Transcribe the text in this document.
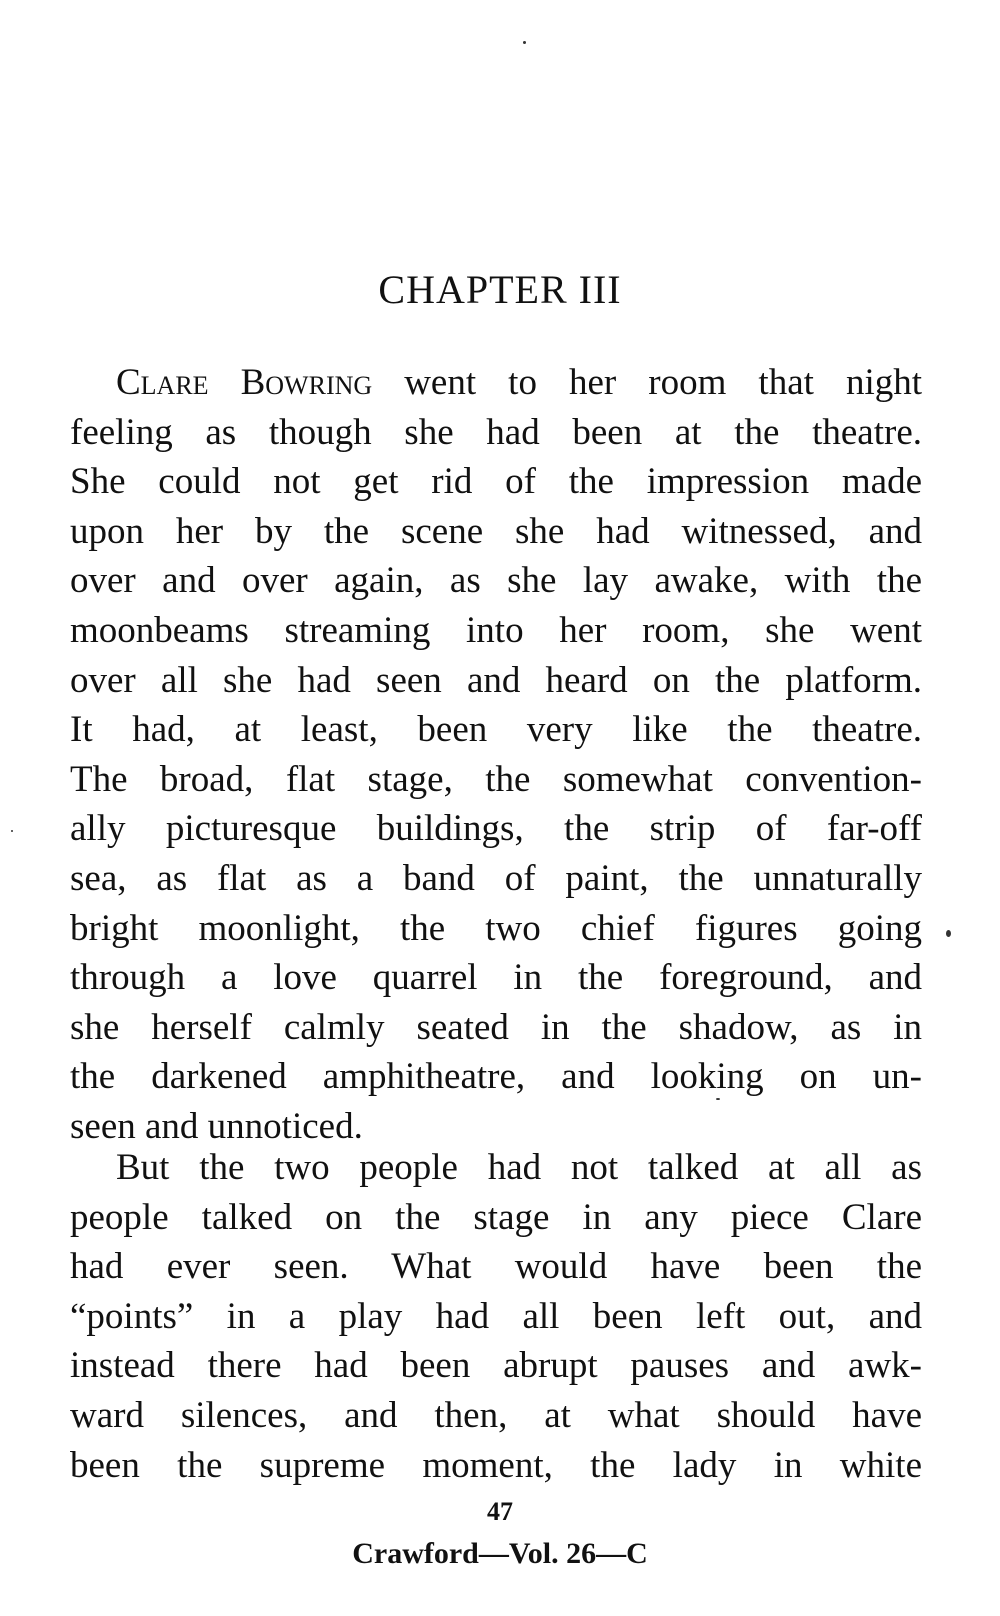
CHAPTER III
Clare Bowring went to her room that night
feeling as though she had been at the theatre.
She could not get rid of the impression made
upon her by the scene she had witnessed, and
over and over again, as she lay awake, with the
moonbeams streaming into her room, she went
over all she had seen and heard on the platform.
It had, at least, been very like the theatre.
The broad, flat stage, the somewhat convention-
ally picturesque buildings, the strip of far-off
sea, as flat as a band of paint, the unnaturally
bright moonlight, the two chief figures going
through a love quarrel in the foreground, and
she herself calmly seated in the shadow, as in
the darkened amphitheatre, and looking on un-
seen and unnoticed.
But the two people had not talked at all as
people talked on the stage in any piece Clare
had ever seen. What would have been the
“points” in a play had all been left out, and
instead there had been abrupt pauses and awk-
ward silences, and then, at what should have
been the supreme moment, the lady in white
47
Crawford—Vol. 26—C
